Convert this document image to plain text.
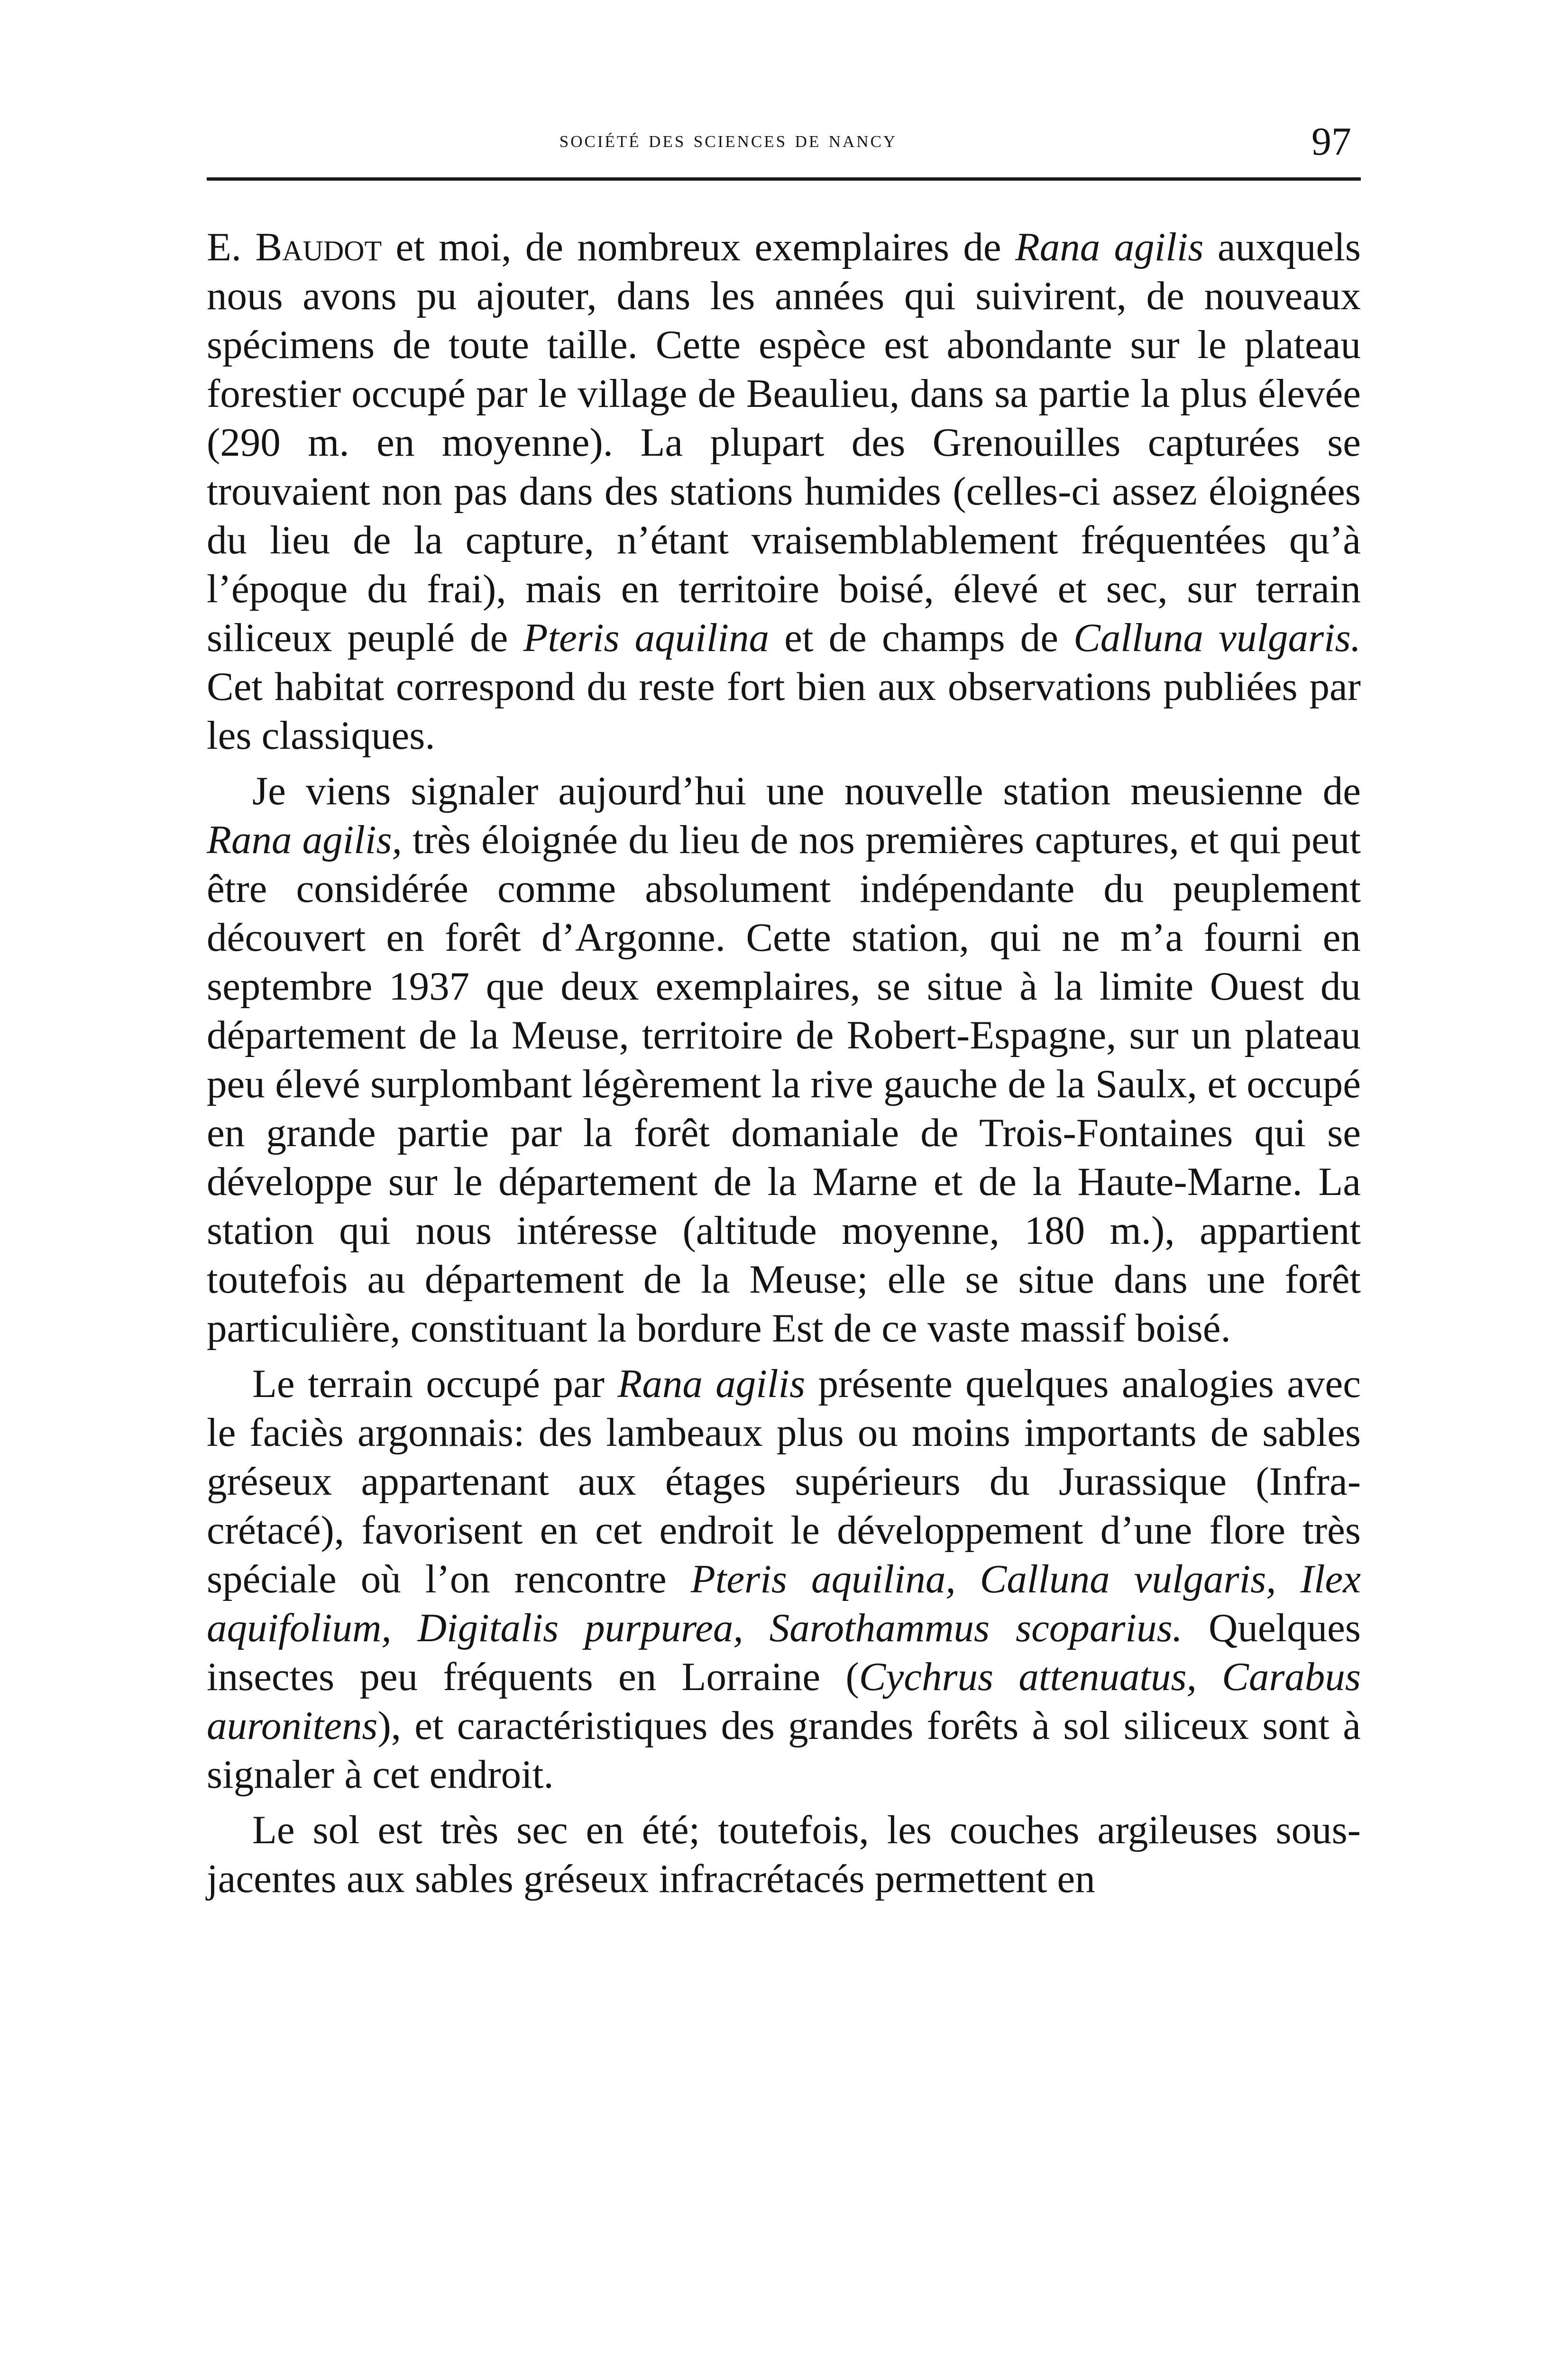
société des sciences de nancy	97

E. Baudot et moi, de nombreux exemplaires de Rana agilis auxquels nous avons pu ajouter, dans les années qui suivirent, de nouveaux spécimens de toute taille. Cette espèce est abondante sur le plateau forestier occupé par le village de Beaulieu, dans sa partie la plus élevée (290 m. en moyenne). La plupart des Grenouilles capturées se trouvaient non pas dans des stations humides (celles-ci assez éloignées du lieu de la capture, n’étant vraisemblablement fréquentées qu’à l’époque du frai), mais en territoire boisé, élevé et sec, sur terrain siliceux peuplé de Pteris aquilina et de champs de Calluna vulgaris. Cet habitat correspond du reste fort bien aux observations publiées par les classiques.

Je viens signaler aujourd’hui une nouvelle station meusienne de Rana agilis, très éloignée du lieu de nos premières captures, et qui peut être considérée comme absolument indépendante du peuplement découvert en forêt d’Argonne. Cette station, qui ne m’a fourni en septembre 1937 que deux exemplaires, se situe à la limite Ouest du département de la Meuse, territoire de Robert-Espagne, sur un plateau peu élevé surplombant légèrement la rive gauche de la Saulx, et occupé en grande partie par la forêt domaniale de Trois-Fontaines qui se développe sur le département de la Marne et de la Haute-Marne. La station qui nous intéresse (altitude moyenne, 180 m.), appartient toutefois au département de la Meuse; elle se situe dans une forêt particulière, constituant la bordure Est de ce vaste massif boisé.

Le terrain occupé par Rana agilis présente quelques analogies avec le faciès argonnais: des lambeaux plus ou moins importants de sables gréseux appartenant aux étages supérieurs du Jurassique (Infra-crétacé), favorisent en cet endroit le développement d’une flore très spéciale où l’on rencontre Pteris aquilina, Calluna vulgaris, Ilex aquifolium, Digitalis purpurea, Sarothammus scoparius. Quelques insectes peu fréquents en Lorraine (Cychrus attenuatus, Carabus auronitens), et caractéristiques des grandes forêts à sol siliceux sont à signaler à cet endroit.

Le sol est très sec en été; toutefois, les couches argileuses sous-jacentes aux sables gréseux infracrétacés permettent en
